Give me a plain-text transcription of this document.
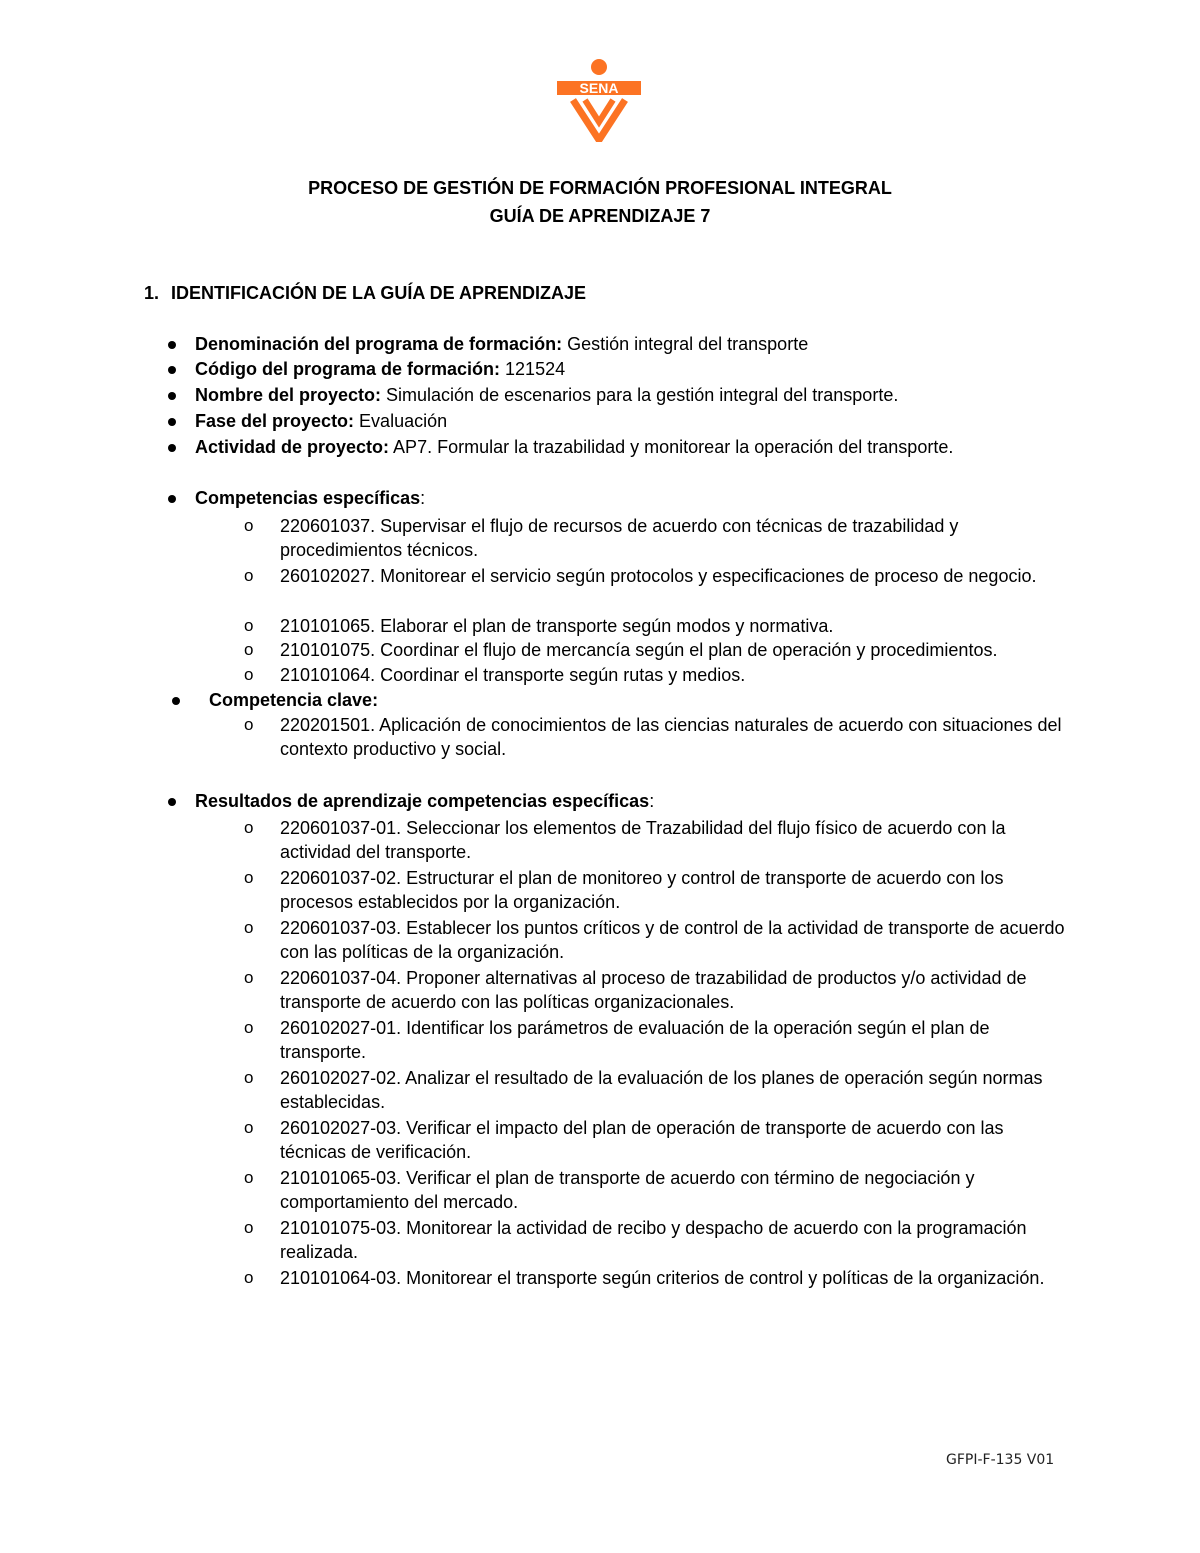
SENA
PROCESO DE GESTIÓN DE FORMACIÓN PROFESIONAL INTEGRAL
GUÍA DE APRENDIZAJE 7
1. IDENTIFICACIÓN DE LA GUÍA DE APRENDIZAJE
Denominación del programa de formación: Gestión integral del transporte
Código del programa de formación: 121524
Nombre del proyecto: Simulación de escenarios para la gestión integral del transporte.
Fase del proyecto: Evaluación
Actividad de proyecto: AP7. Formular la trazabilidad y monitorear la operación del transporte.
Competencias específicas:
o 220601037. Supervisar el flujo de recursos de acuerdo con técnicas de trazabilidad y procedimientos técnicos.
o 260102027. Monitorear el servicio según protocolos y especificaciones de proceso de negocio.
o 210101065. Elaborar el plan de transporte según modos y normativa.
o 210101075. Coordinar el flujo de mercancía según el plan de operación y procedimientos.
o 210101064. Coordinar el transporte según rutas y medios.
Competencia clave:
o 220201501. Aplicación de conocimientos de las ciencias naturales de acuerdo con situaciones del contexto productivo y social.
Resultados de aprendizaje competencias específicas:
o 220601037-01. Seleccionar los elementos de Trazabilidad del flujo físico de acuerdo con la actividad del transporte.
o 220601037-02. Estructurar el plan de monitoreo y control de transporte de acuerdo con los procesos establecidos por la organización.
o 220601037-03. Establecer los puntos críticos y de control de la actividad de transporte de acuerdo con las políticas de la organización.
o 220601037-04. Proponer alternativas al proceso de trazabilidad de productos y/o actividad de transporte de acuerdo con las políticas organizacionales.
o 260102027-01. Identificar los parámetros de evaluación de la operación según el plan de transporte.
o 260102027-02. Analizar el resultado de la evaluación de los planes de operación según normas establecidas.
o 260102027-03. Verificar el impacto del plan de operación de transporte de acuerdo con las técnicas de verificación.
o 210101065-03. Verificar el plan de transporte de acuerdo con término de negociación y comportamiento del mercado.
o 210101075-03. Monitorear la actividad de recibo y despacho de acuerdo con la programación realizada.
o 210101064-03. Monitorear el transporte según criterios de control y políticas de la organización.
GFPI-F-135 V01
